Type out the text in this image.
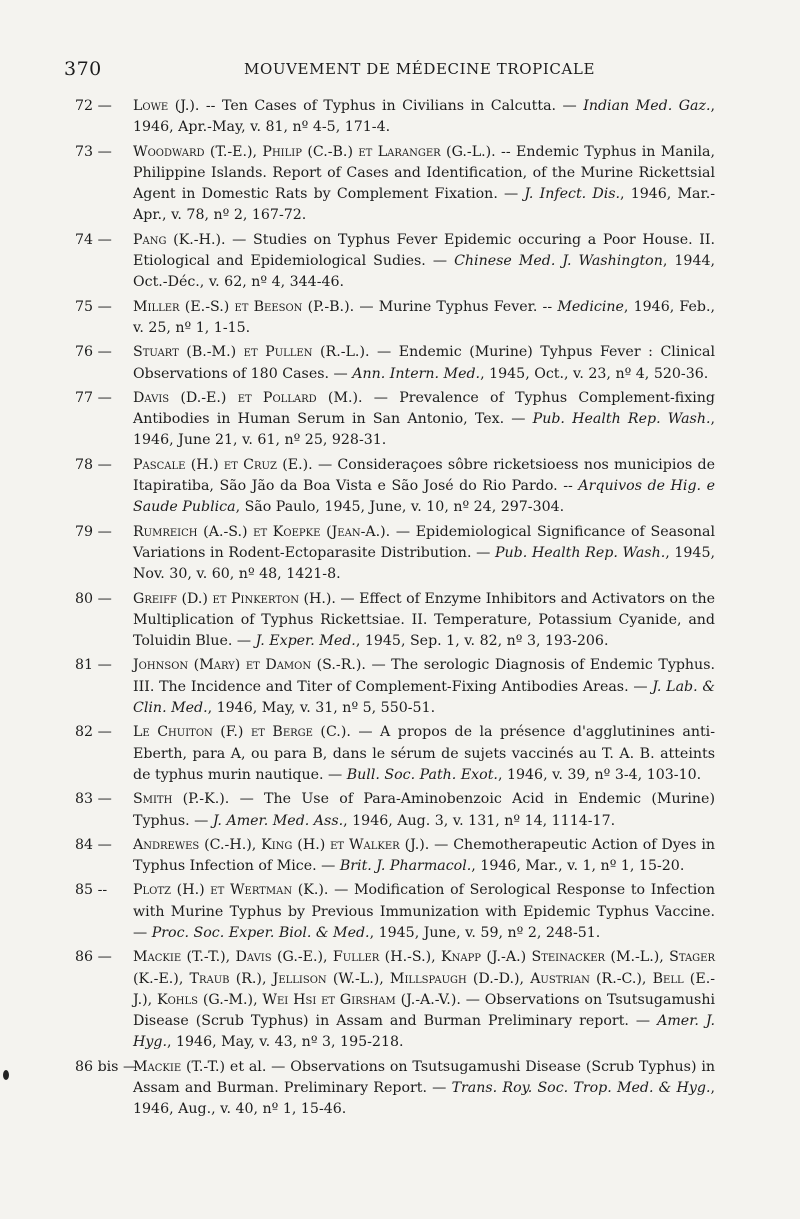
370	MOUVEMENT DE MÉDECINE TROPICALE
72 — Lowe (J.). -- Ten Cases of Typhus in Civilians in Calcutta. — Indian Med. Gaz., 1946, Apr.-May, v. 81, nº 4-5, 171-4.
73 — Woodward (T.-E.), Philip (C.-B.) et Laranger (G.-L.). -- Endemic Typhus in Manila, Philippine Islands. Report of Cases and Identification, of the Murine Rickettsial Agent in Domestic Rats by Complement Fixation. — J. Infect. Dis., 1946, Mar.-Apr., v. 78, nº 2, 167-72.
74 — Pang (K.-H.). — Studies on Typhus Fever Epidemic occuring a Poor House. II. Etiological and Epidemiological Sudies. — Chinese Med. J. Washington, 1944, Oct.-Déc., v. 62, nº 4, 344-46.
75 — Miller (E.-S.) et Beeson (P.-B.). — Murine Typhus Fever. -- Medicine, 1946, Feb., v. 25, nº 1, 1-15.
76 — Stuart (B.-M.) et Pullen (R.-L.). — Endemic (Murine) Tyhpus Fever : Clinical Observations of 180 Cases. — Ann. Intern. Med., 1945, Oct., v. 23, nº 4, 520-36.
77 — Davis (D.-E.) et Pollard (M.). — Prevalence of Typhus Complement-fixing Antibodies in Human Serum in San Antonio, Tex. — Pub. Health Rep. Wash., 1946, June 21, v. 61, nº 25, 928-31.
78 — Pascale (H.) et Cruz (E.). — Consideraçoes sôbre ricketsioess nos municipios de Itapiratiba, São Jão da Boa Vista e São José do Rio Pardo. -- Arquivos de Hig. e Saude Publica, São Paulo, 1945, June, v. 10, nº 24, 297-304.
79 — Rumreich (A.-S.) et Koepke (Jean-A.). — Epidemiological Significance of Seasonal Variations in Rodent-Ectoparasite Distribution. — Pub. Health Rep. Wash., 1945, Nov. 30, v. 60, nº 48, 1421-8.
80 — Greiff (D.) et Pinkerton (H.). — Effect of Enzyme Inhibitors and Activators on the Multiplication of Typhus Rickettsiae. II. Temperature, Potassium Cyanide, and Toluidin Blue. — J. Exper. Med., 1945, Sep. 1, v. 82, nº 3, 193-206.
81 — Johnson (Mary) et Damon (S.-R.). — The serologic Diagnosis of Endemic Typhus. III. The Incidence and Titer of Complement-Fixing Antibodies Areas. — J. Lab. & Clin. Med., 1946, May, v. 31, nº 5, 550-51.
82 — Le Chuiton (F.) et Berge (C.). — A propos de la présence d'agglutinines anti-Eberth, para A, ou para B, dans le sérum de sujets vaccinés au T. A. B. atteints de typhus murin nautique. — Bull. Soc. Path. Exot., 1946, v. 39, nº 3-4, 103-10.
83 — Smith (P.-K.). — The Use of Para-Aminobenzoic Acid in Endemic (Murine) Typhus. — J. Amer. Med. Ass., 1946, Aug. 3, v. 131, nº 14, 1114-17.
84 — Andrewes (C.-H.), King (H.) et Walker (J.). — Chemotherapeutic Action of Dyes in Typhus Infection of Mice. — Brit. J. Pharmacol., 1946, Mar., v. 1, nº 1, 15-20.
85 -- Plotz (H.) et Wertman (K.). — Modification of Serological Response to Infection with Murine Typhus by Previous Immunization with Epidemic Typhus Vaccine. — Proc. Soc. Exper. Biol. & Med., 1945, June, v. 59, nº 2, 248-51.
86 — Mackie (T.-T.), Davis (G.-E.), Fuller (H.-S.), Knapp (J.-A.) Steinacker (M.-L.), Stager (K.-E.), Traub (R.), Jellison (W.-L.), Millspaugh (D.-D.), Austrian (R.-C.), Bell (E.-J.), Kohls (G.-M.), Wei Hsi et Girsham (J.-A.-V.). — Observations on Tsutsugamushi Disease (Scrub Typhus) in Assam and Burman Preliminary report. — Amer. J. Hyg., 1946, May, v. 43, nº 3, 195-218.
86 bis —
Mackie (T.-T.) et al. — Observations on Tsutsugamushi Disease (Scrub Typhus) in Assam and Burman. Preliminary Report. — Trans. Roy. Soc. Trop. Med. & Hyg., 1946, Aug., v. 40, nº 1, 15-46.
